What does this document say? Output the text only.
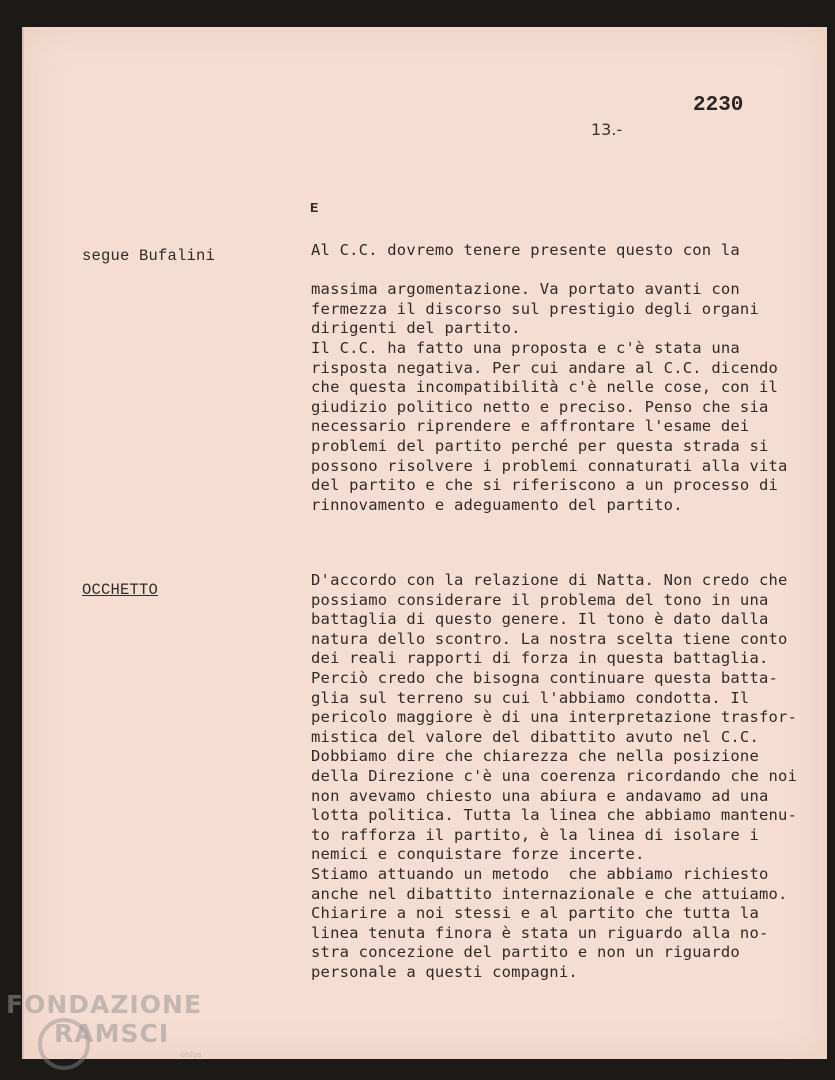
2230
13.-
E
segue Bufalini	Al C.C. dovremo tenere presente questo con la

massima argomentazione. Va portato avanti con
fermezza il discorso sul prestigio degli organi
dirigenti del partito.
Il C.C. ha fatto una proposta e c'è stata una
risposta negativa. Per cui andare al C.C. dicendo
che questa incompatibilità c'è nelle cose, con il
giudizio politico netto e preciso. Penso che sia
necessario riprendere e affrontare l'esame dei
problemi del partito perché per questa strada si
possono risolvere i problemi connaturati alla vita
del partito e che si riferiscono a un processo di
rinnovamento e adeguamento del partito.
OCCHETTO
D'accordo con la relazione di Natta. Non credo che
possiamo considerare il problema del tono in una
battaglia di questo genere. Il tono è dato dalla
natura dello scontro. La nostra scelta tiene conto
dei reali rapporti di forza in questa battaglia.
Perciò credo che bisogna continuare questa batta-
glia sul terreno su cui l'abbiamo condotta. Il
pericolo maggiore è di una interpretazione trasfor-
mistica del valore del dibattito avuto nel C.C.
Dobbiamo dire che chiarezza che nella posizione
della Direzione c'è una coerenza ricordando che noi
non avevamo chiesto una abiura e andavamo ad una
lotta politica. Tutta la linea che abbiamo mantenu-
to rafforza il partito, è la linea di isolare i
nemici e conquistare forze incerte.
Stiamo attuando un metodo  che abbiamo richiesto
anche nel dibattito internazionale e che attuiamo.
Chiarire a noi stessi e al partito che tutta la
linea tenuta finora è stata un riguardo alla no-
stra concezione del partito e non un riguardo
personale a questi compagni.
FONDAZIONE
RAMSCI
onlus
